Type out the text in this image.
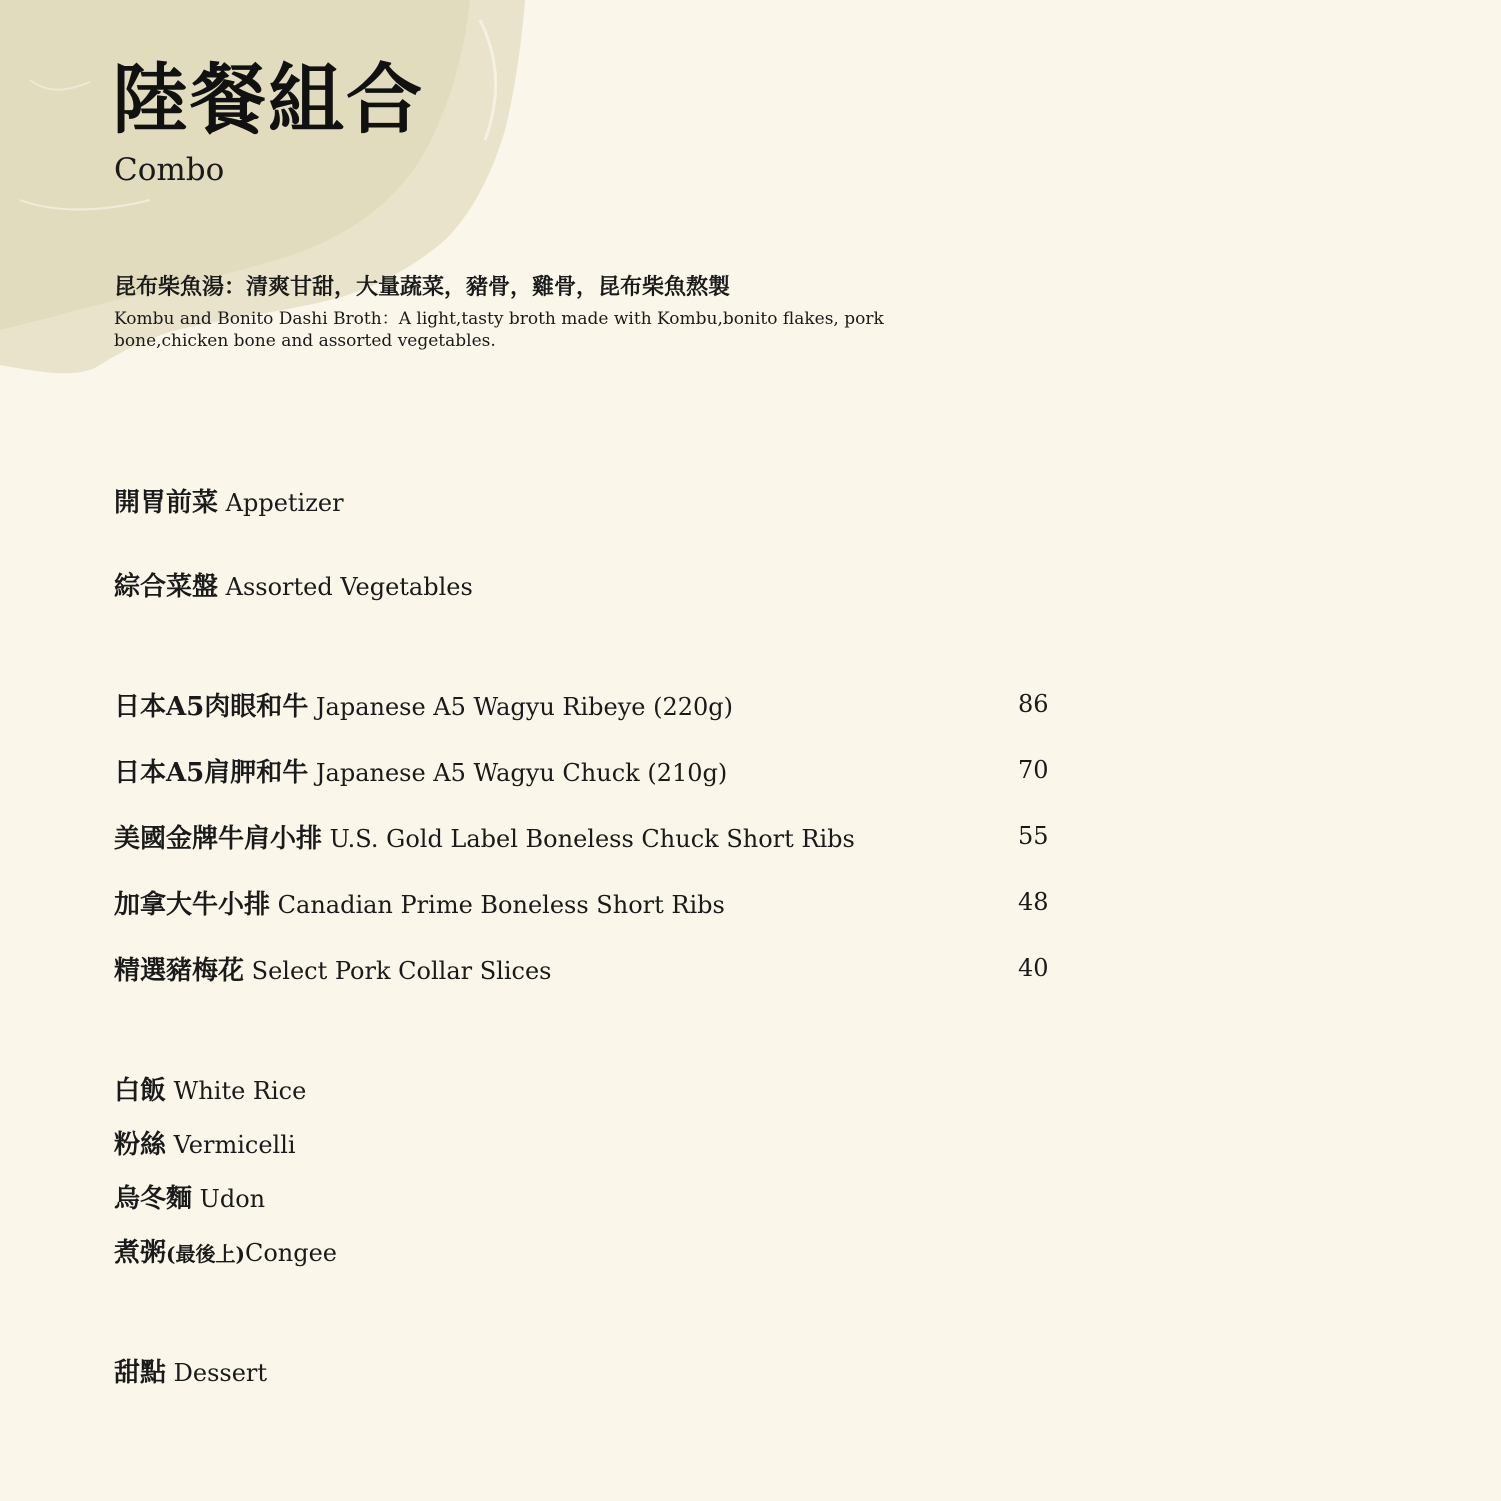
陸餐組合
Combo
昆布柴魚湯：清爽甘甜，大量蔬菜，豬骨，雞骨，昆布柴魚熬製
Kombu and Bonito Dashi Broth：A light,tasty broth made with Kombu,bonito flakes, pork bone,chicken bone and assorted vegetables.
開胃前菜 Appetizer
綜合菜盤 Assorted Vegetables
日本A5肉眼和牛 Japanese A5 Wagyu Ribeye (220g)	86
日本A5肩胛和牛 Japanese A5 Wagyu Chuck (210g)	70
美國金牌牛肩小排 U.S. Gold Label Boneless Chuck Short Ribs	55
加拿大牛小排 Canadian Prime Boneless Short Ribs	48
精選豬梅花 Select Pork Collar Slices	40
白飯 White Rice
粉絲 Vermicelli
烏冬麵 Udon
煮粥(最後上)Congee
甜點 Dessert
